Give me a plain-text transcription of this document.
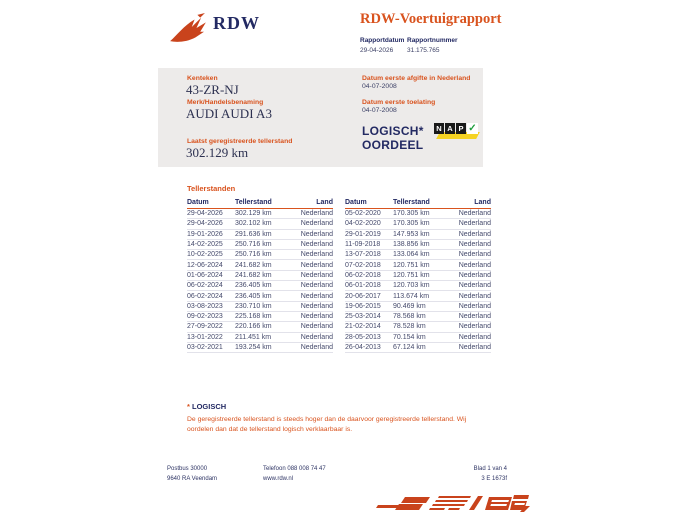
RDW	RDW-Voertuigrapport
Rapportdatum
29-04-2026
Rapportnummer
31.175.765
Kenteken
43-ZR-NJ
Merk/Handelsbenaming
AUDI AUDI A3
Laatst geregistreerde tellerstand
302.129 km
Datum eerste afgifte in Nederland
04-07-2008
Datum eerste toelating
04-07-2008
LOGISCH*
OORDEEL
N A P ✓
Tellerstanden
Datum	Tellerstand	Land
29-04-2026	302.129 km	Nederland
29-04-2026	302.102 km	Nederland
19-01-2026	291.636 km	Nederland
14-02-2025	250.716 km	Nederland
10-02-2025	250.716 km	Nederland
12-06-2024	241.682 km	Nederland
01-06-2024	241.682 km	Nederland
06-02-2024	236.405 km	Nederland
06-02-2024	236.405 km	Nederland
03-08-2023	230.710 km	Nederland
09-02-2023	225.168 km	Nederland
27-09-2022	220.166 km	Nederland
13-01-2022	211.451 km	Nederland
03-02-2021	193.254 km	Nederland
Datum	Tellerstand	Land
05-02-2020	170.305 km	Nederland
04-02-2020	170.305 km	Nederland
29-01-2019	147.953 km	Nederland
11-09-2018	138.856 km	Nederland
13-07-2018	133.064 km	Nederland
07-02-2018	120.751 km	Nederland
06-02-2018	120.751 km	Nederland
06-01-2018	120.703 km	Nederland
20-06-2017	113.674 km	Nederland
19-06-2015	90.469 km	Nederland
25-03-2014	78.568 km	Nederland
21-02-2014	78.528 km	Nederland
28-05-2013	70.154 km	Nederland
26-04-2013	67.124 km	Nederland
* LOGISCH
De geregistreerde tellerstand is steeds hoger dan de daarvoor geregistreerde tellerstand. Wij oordelen dan dat de tellerstand logisch verklaarbaar is.
Postbus 30000
9640 RA Veendam
Telefoon 088 008 74 47
www.rdw.nl
Blad 1 van 4
3 E 1673f
